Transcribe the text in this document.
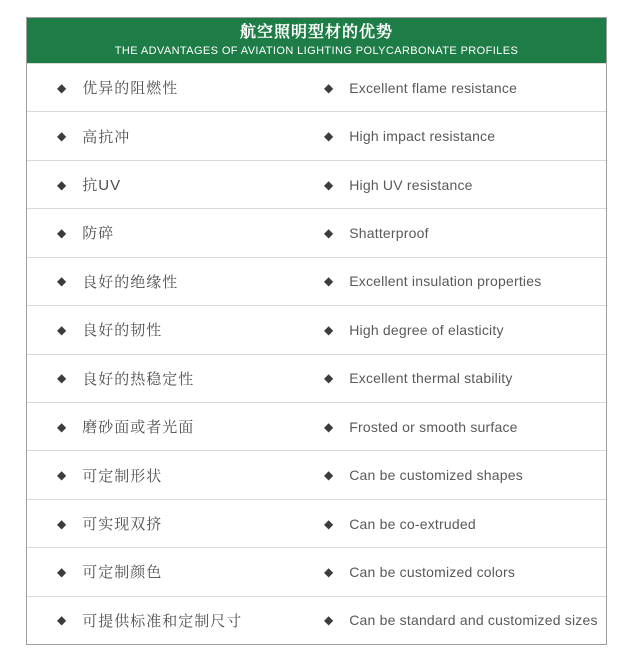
航空照明型材的优势
THE ADVANTAGES OF AVIATION LIGHTING POLYCARBONATE PROFILES
◆ 优异的阻燃性	◆ Excellent flame resistance
◆ 高抗冲	◆ High impact resistance
◆ 抗UV	◆ High UV resistance
◆ 防碎	◆ Shatterproof
◆ 良好的绝缘性	◆ Excellent insulation properties
◆ 良好的韧性	◆ High degree of elasticity
◆ 良好的热稳定性	◆ Excellent thermal stability
◆ 磨砂面或者光面	◆ Frosted or smooth surface
◆ 可定制形状	◆ Can be customized shapes
◆ 可实现双挤	◆ Can be co-extruded
◆ 可定制颜色	◆ Can be customized colors
◆ 可提供标准和定制尺寸	◆ Can be standard and customized sizes
